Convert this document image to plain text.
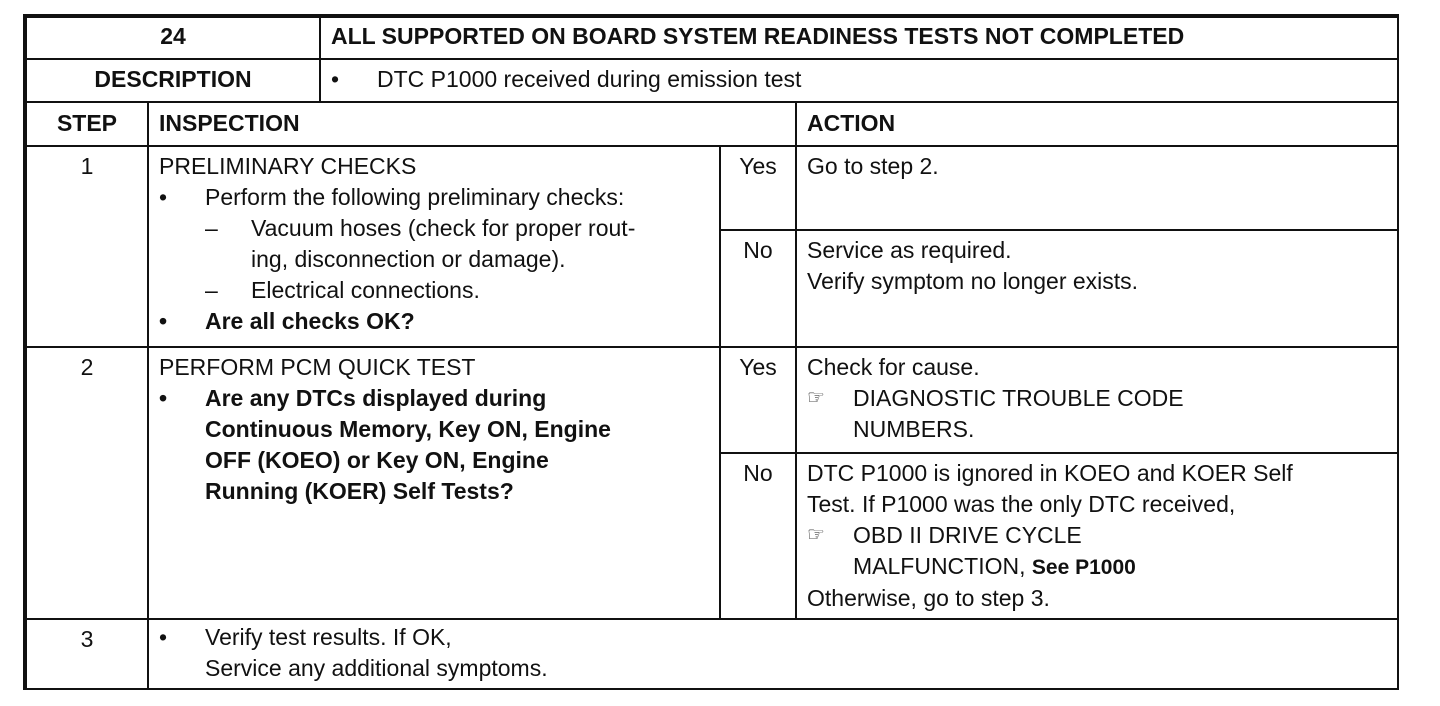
24	ALL SUPPORTED ON BOARD SYSTEM READINESS TESTS NOT COMPLETED
DESCRIPTION	•	DTC P1000 received during emission test
STEP	INSPECTION	ACTION
1	PRELIMINARY CHECKS
•	Perform the following preliminary checks:
– Vacuum hoses (check for proper rout-
ing, disconnection or damage).
– Electrical connections.
•	Are all checks OK?
Yes	Go to step 2.
No	Service as required.
Verify symptom no longer exists.
2	PERFORM PCM QUICK TEST
•	Are any DTCs displayed during
Continuous Memory, Key ON, Engine
OFF (KOEO) or Key ON, Engine
Running (KOER) Self Tests?
Yes	Check for cause.
☞ DIAGNOSTIC TROUBLE CODE
NUMBERS.
No	DTC P1000 is ignored in KOEO and KOER Self
Test. If P1000 was the only DTC received,
☞ OBD II DRIVE CYCLE
MALFUNCTION, See P1000
Otherwise, go to step 3.
3	•	Verify test results. If OK,
Service any additional symptoms.
